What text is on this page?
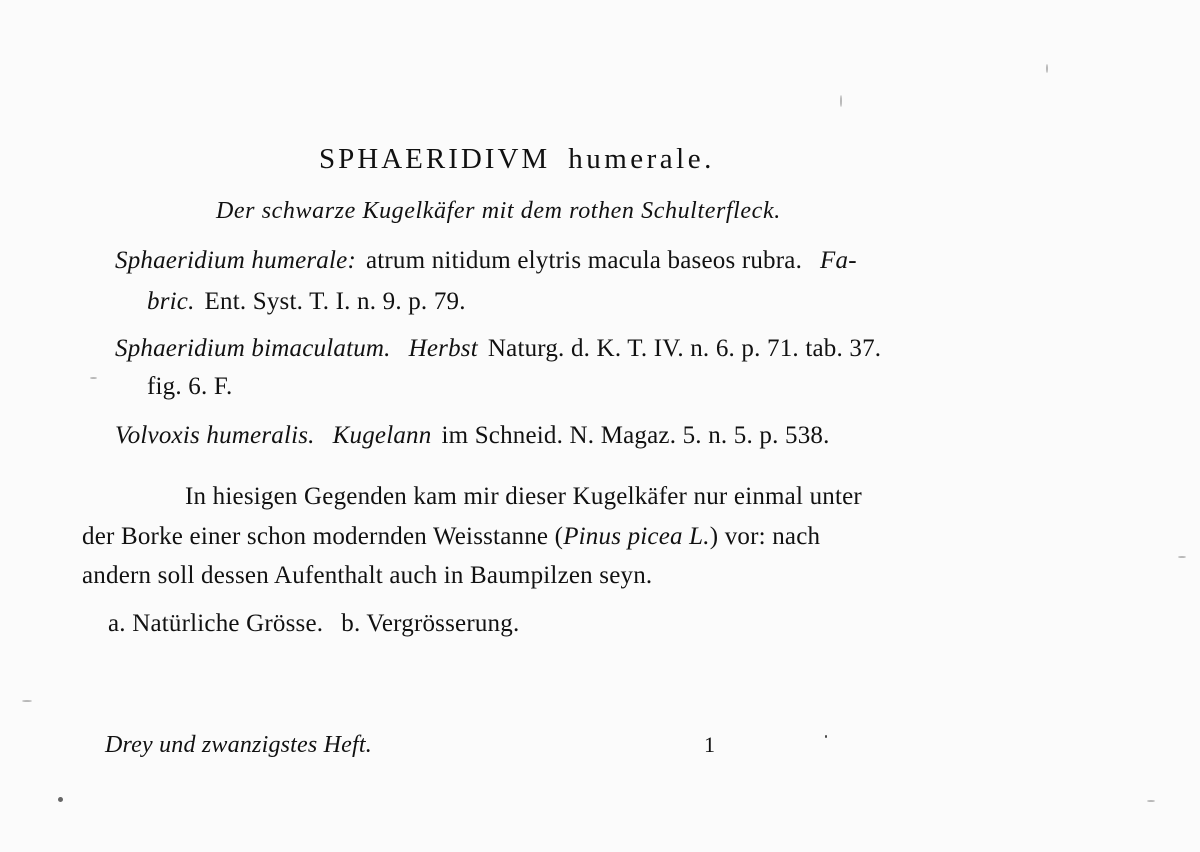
SPHAERIDIVM humerale.
Der schwarze Kugelkäfer mit dem rothen Schulterfleck.
Sphaeridium humerale: atrum nitidum elytris macula baseos rubra. Fa-
bric. Ent. Syst. T. I. n. 9. p. 79.
Sphaeridium bimaculatum. Herbst Naturg. d. K. T. IV. n. 6. p. 71. tab. 37.
fig. 6. F.
Volvoxis humeralis. Kugelann im Schneid. N. Magaz. 5. n. 5. p. 538.
In hiesigen Gegenden kam mir dieser Kugelkäfer nur einmal unter
der Borke einer schon modernden Weisstanne (Pinus picea L.) vor: nach
andern soll dessen Aufenthalt auch in Baumpilzen seyn.
a. Natürliche Grösse. b. Vergrösserung.
Drey und zwanzigstes Heft.	1
